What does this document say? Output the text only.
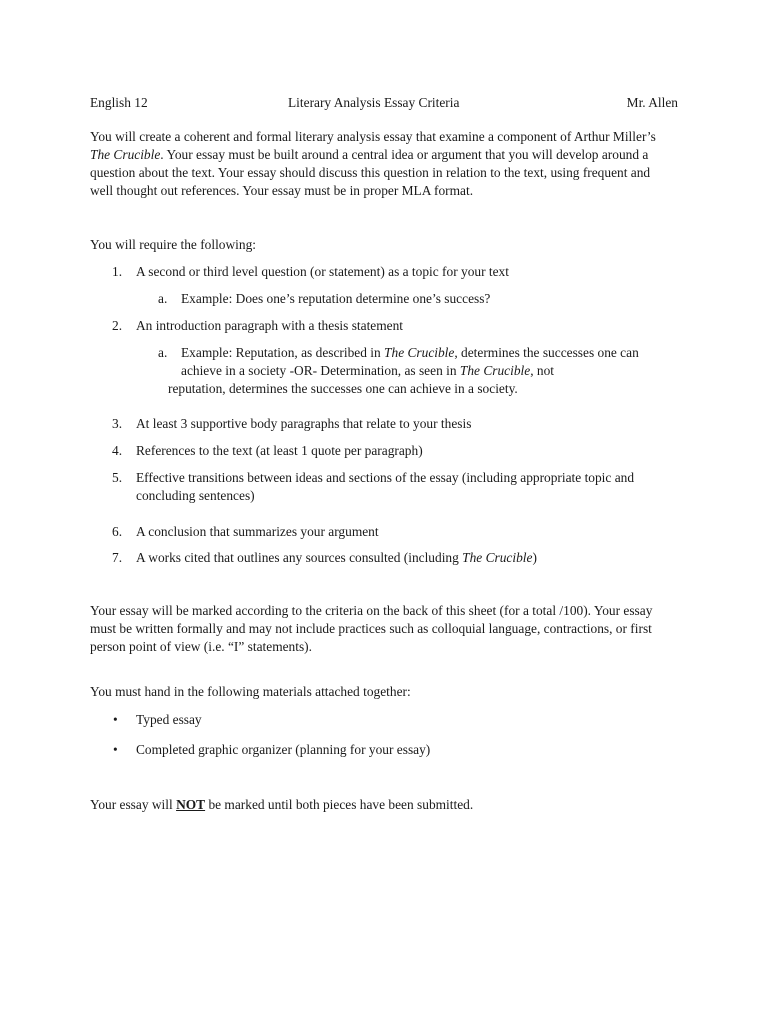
English 12	Literary Analysis Essay Criteria	Mr. Allen
You will create a coherent and formal literary analysis essay that examine a component of Arthur Miller’s The Crucible. Your essay must be built around a central idea or argument that you will develop around a question about the text. Your essay should discuss this question in relation to the text, using frequent and well thought out references. Your essay must be in proper MLA format.
You will require the following:
1. A second or third level question (or statement) as a topic for your text
a. Example: Does one’s reputation determine one’s success?
2. An introduction paragraph with a thesis statement
a. Example: Reputation, as described in The Crucible, determines the successes one can achieve in a society -OR- Determination, as seen in The Crucible, not
reputation, determines the successes one can achieve in a society.
3. At least 3 supportive body paragraphs that relate to your thesis
4. References to the text (at least 1 quote per paragraph)
5. Effective transitions between ideas and sections of the essay (including appropriate topic and concluding sentences)
6. A conclusion that summarizes your argument
7. A works cited that outlines any sources consulted (including The Crucible)
Your essay will be marked according to the criteria on the back of this sheet (for a total /100). Your essay must be written formally and may not include practices such as colloquial language, contractions, or first person point of view (i.e. “I” statements).
You must hand in the following materials attached together:
• Typed essay
• Completed graphic organizer (planning for your essay)
Your essay will NOT be marked until both pieces have been submitted.
